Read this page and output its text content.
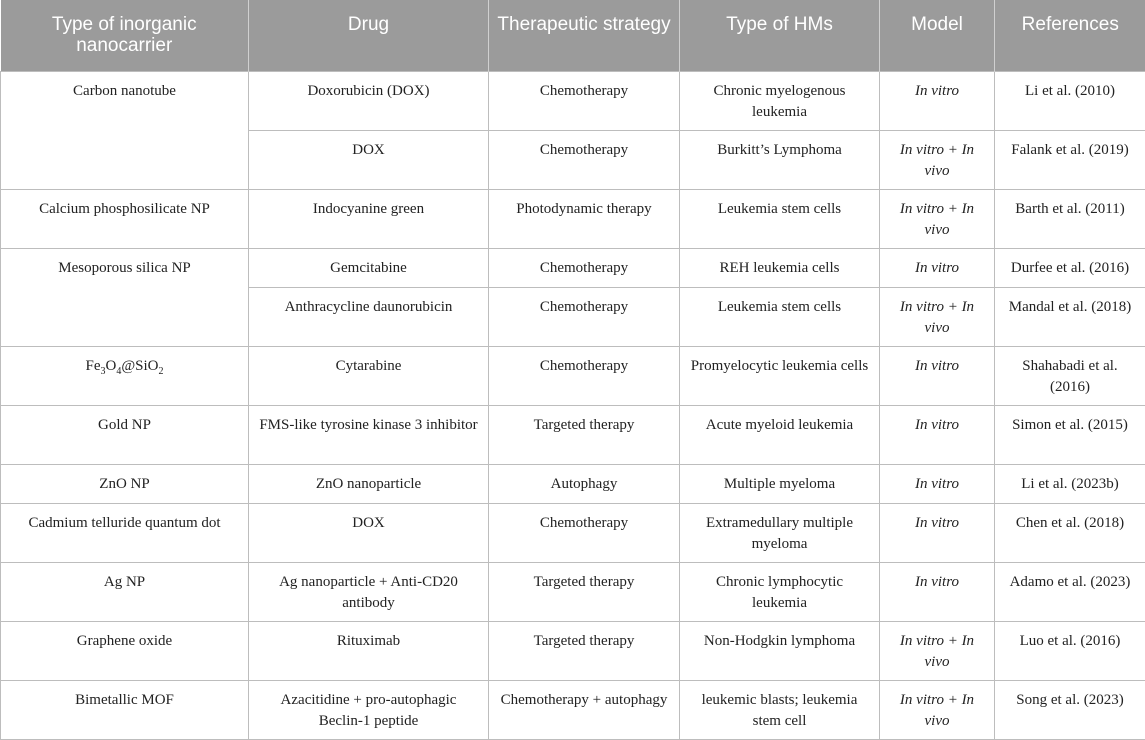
Type of inorganic nanocarrier	Drug	Therapeutic strategy	Type of HMs	Model	References

Carbon nanotube	Doxorubicin (DOX)	Chemotherapy	Chronic myelogenous leukemia	In vitro	Li et al. (2010)
	DOX	Chemotherapy	Burkitt’s Lymphoma	In vitro + In vivo	Falank et al. (2019)
Calcium phosphosilicate NP	Indocyanine green	Photodynamic therapy	Leukemia stem cells	In vitro + In vivo	Barth et al. (2011)
Mesoporous silica NP	Gemcitabine	Chemotherapy	REH leukemia cells	In vitro	Durfee et al. (2016)
	Anthracycline daunorubicin	Chemotherapy	Leukemia stem cells	In vitro + In vivo	Mandal et al. (2018)
$Fe_3O_4@SiO_2$	Cytarabine	Chemotherapy	Promyelocytic leukemia cells	In vitro	Shahabadi et al. (2016)
Gold NP	FMS-like tyrosine kinase 3 inhibitor	Targeted therapy	Acute myeloid leukemia	In vitro	Simon et al. (2015)
ZnO NP	ZnO nanoparticle	Autophagy	Multiple myeloma	In vitro	Li et al. (2023b)
Cadmium telluride quantum dot	DOX	Chemotherapy	Extramedullary multiple myeloma	In vitro	Chen et al. (2018)
Ag NP	Ag nanoparticle + Anti-CD20 antibody	Targeted therapy	Chronic lymphocytic leukemia	In vitro	Adamo et al. (2023)
Graphene oxide	Rituximab	Targeted therapy	Non-Hodgkin lymphoma	In vitro + In vivo	Luo et al. (2016)
Bimetallic MOF	Azacitidine + pro-autophagic Beclin-1 peptide	Chemotherapy + autophagy	leukemic blasts; leukemia stem cell	In vitro + In vivo	Song et al. (2023)
